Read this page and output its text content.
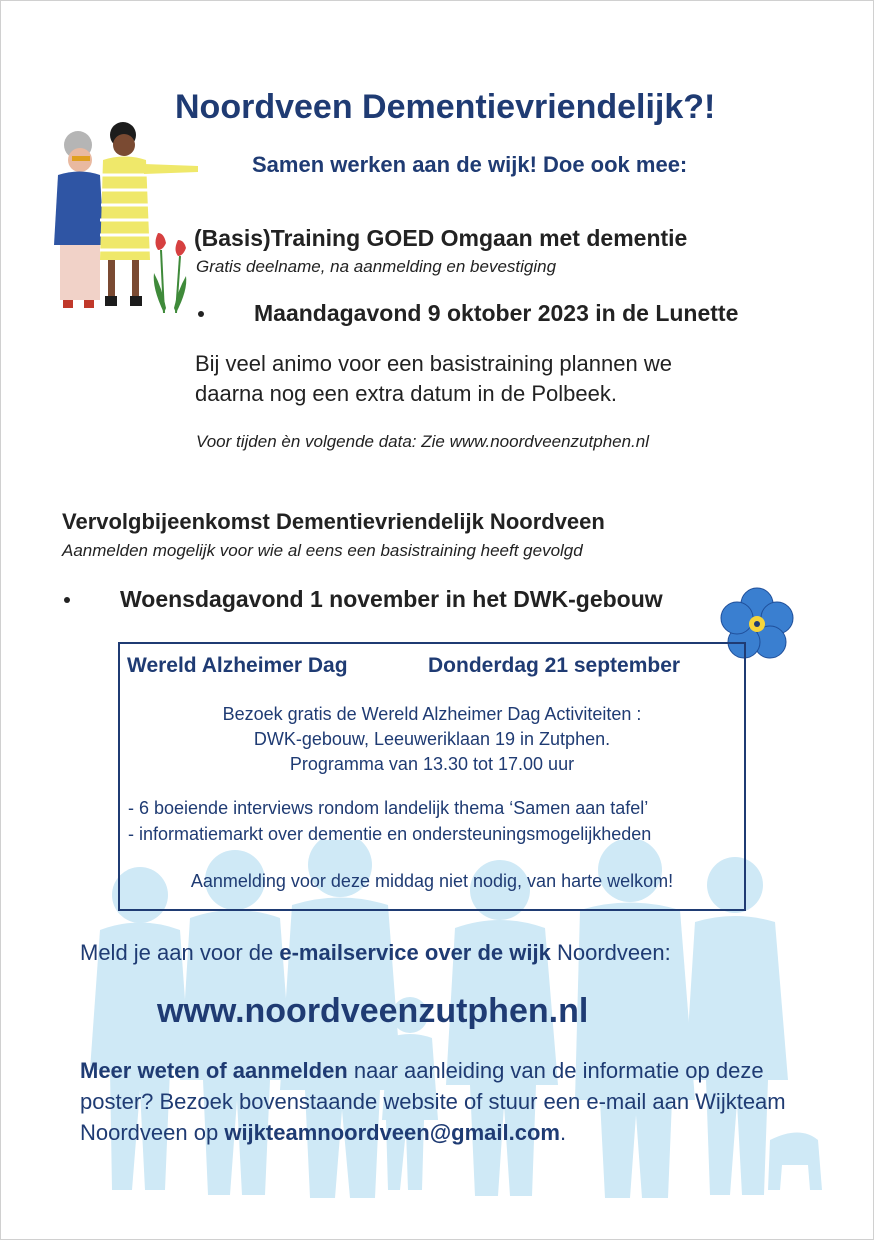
Noordveen Dementievriendelijk?!
Samen werken aan de wijk! Doe ook mee:
(Basis)Training GOED Omgaan met dementie
Gratis deelname, na aanmelding en bevestiging
Maandagavond 9 oktober 2023 in de Lunette
Bij veel animo voor een basistraining plannen we
daarna nog een extra datum in de Polbeek.
Voor tijden èn volgende data: Zie www.noordveenzutphen.nl
Vervolgbijeenkomst Dementievriendelijk Noordveen
Aanmelden mogelijk voor wie al eens een basistraining heeft gevolgd
Woensdagavond 1 november in het DWK-gebouw
Wereld Alzheimer Dag	Donderdag 21 september
Bezoek gratis de Wereld Alzheimer Dag Activiteiten :
DWK-gebouw, Leeuweriklaan 19 in Zutphen.
Programma van 13.30 tot 17.00 uur
- 6 boeiende interviews rondom landelijk thema ‘Samen aan tafel’
- informatiemarkt over dementie en ondersteuningsmogelijkheden
Aanmelding voor deze middag niet nodig, van harte welkom!
Meld je aan voor de e-mailservice over de wijk Noordveen:
www.noordveenzutphen.nl
Meer weten of aanmelden naar aanleiding van de informatie op deze poster? Bezoek bovenstaande website of stuur een e-mail aan Wijkteam Noordveen op wijkteamnoordveen@gmail.com.
